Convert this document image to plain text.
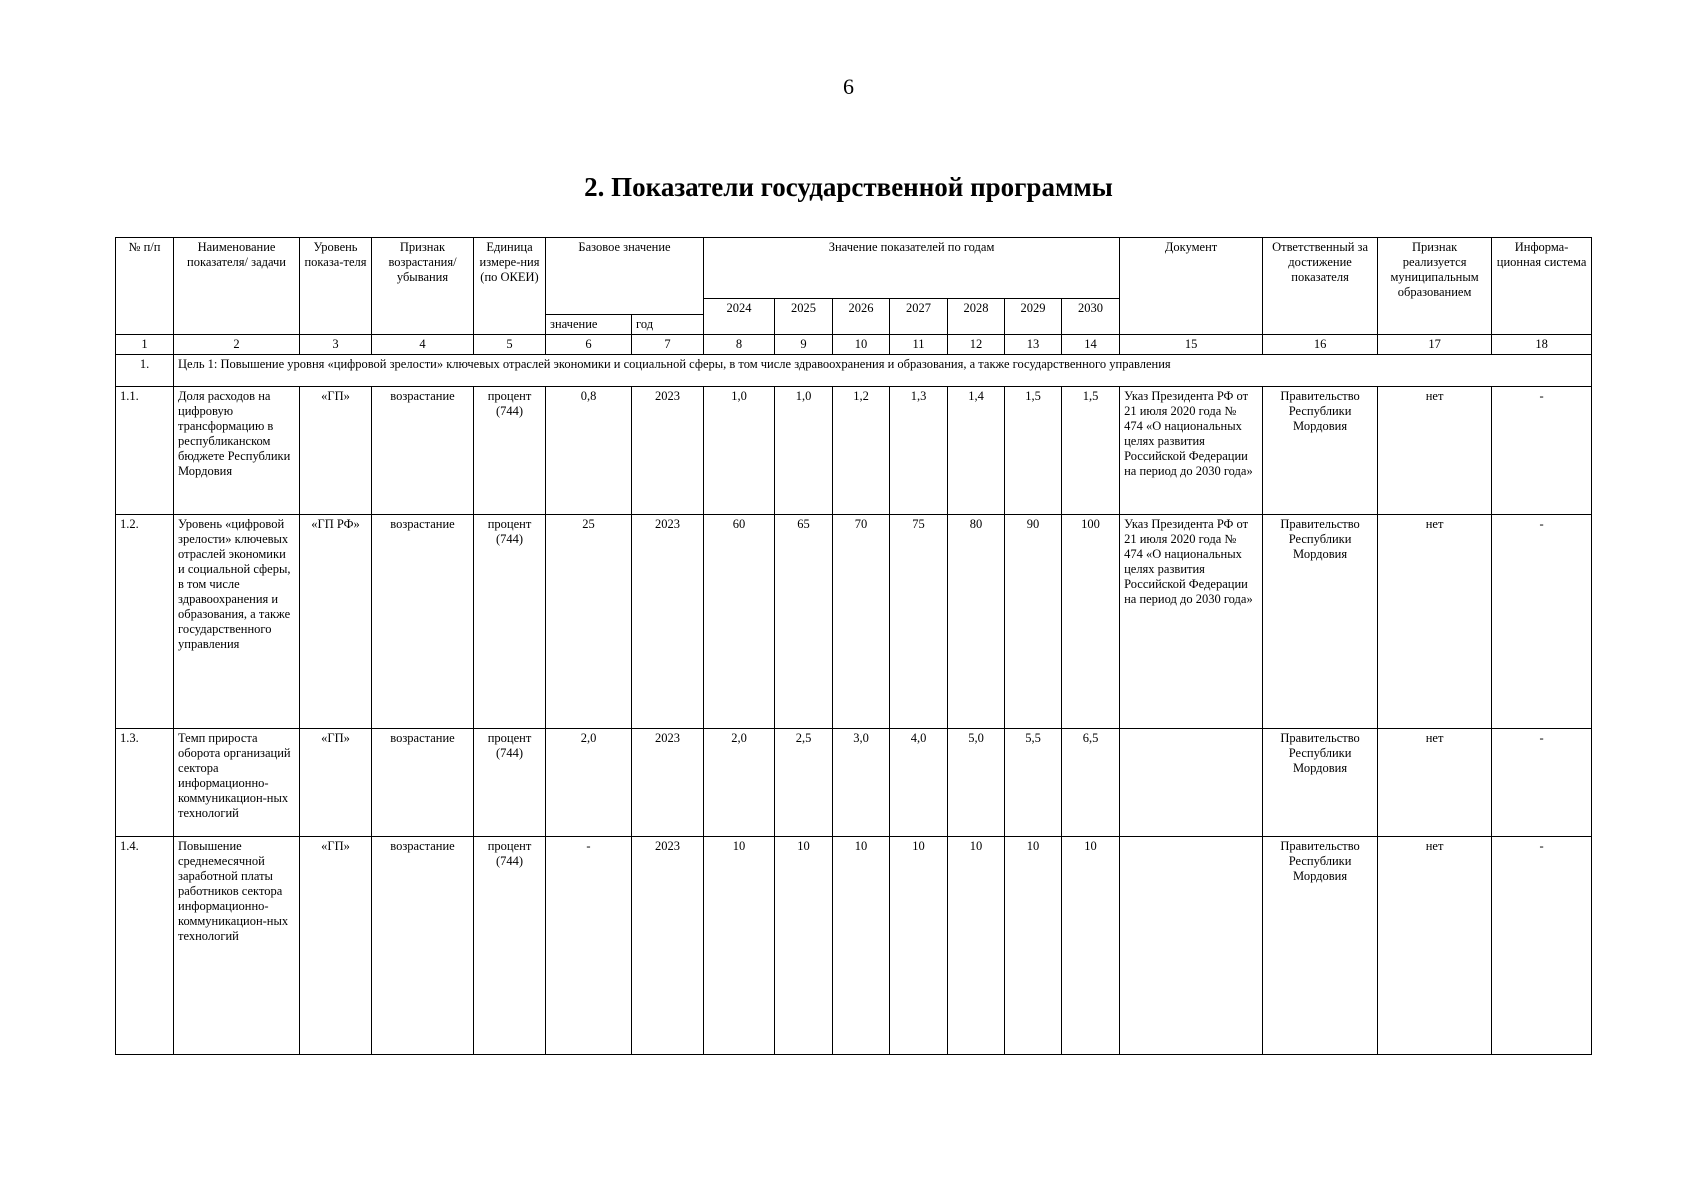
6
2. Показатели государственной программы
№ п/п	Наименование показателя/ задачи	Уровень показа-теля	Признак возрастания/ убывания	Единица измере-ния (по ОКЕИ)	Базовое значение		Значение показателей по годам							Документ	Ответственный за достижение показателя	Признак реализуется муниципальным образованием	Информа-ционная система
							2024	2025	2026	2027	2028	2029	2030				
					значение	год											
1	2	3	4	5	6	7	8	9	10	11	12	13	14	15	16	17	18
1.	Цель 1: Повышение уровня «цифровой зрелости» ключевых отраслей экономики и социальной сферы, в том числе здравоохранения и образования, а также государственного управления																
1.1.	Доля расходов на цифровую трансформацию в республиканском бюджете Республики Мордовия	«ГП»	возрастание	процент (744)	0,8	2023	1,0	1,0	1,2	1,3	1,4	1,5	1,5	Указ Президента РФ от 21 июля 2020 года № 474 «О национальных целях развития Российской Федерации на период до 2030 года»	Правительство Республики Мордовия	нет	-
1.2.	Уровень «цифровой зрелости» ключевых отраслей экономики и социальной сферы, в том числе здравоохранения и образования, а также государственного управления	«ГП РФ»	возрастание	процент (744)	25	2023	60	65	70	75	80	90	100	Указ Президента РФ от 21 июля 2020 года № 474 «О национальных целях развития Российской Федерации на период до 2030 года»	Правительство Республики Мордовия	нет	-
1.3.	Темп прироста оборота организаций сектора информационно-коммуникацион-ных технологий	«ГП»	возрастание	процент (744)	2,0	2023	2,0	2,5	3,0	4,0	5,0	5,5	6,5		Правительство Республики Мордовия	нет	-
1.4.	Повышение среднемесячной заработной платы работников сектора информационно-коммуникацион-ных технологий	«ГП»	возрастание	процент (744)	-	2023	10	10	10	10	10	10	10		Правительство Республики Мордовия	нет	-
